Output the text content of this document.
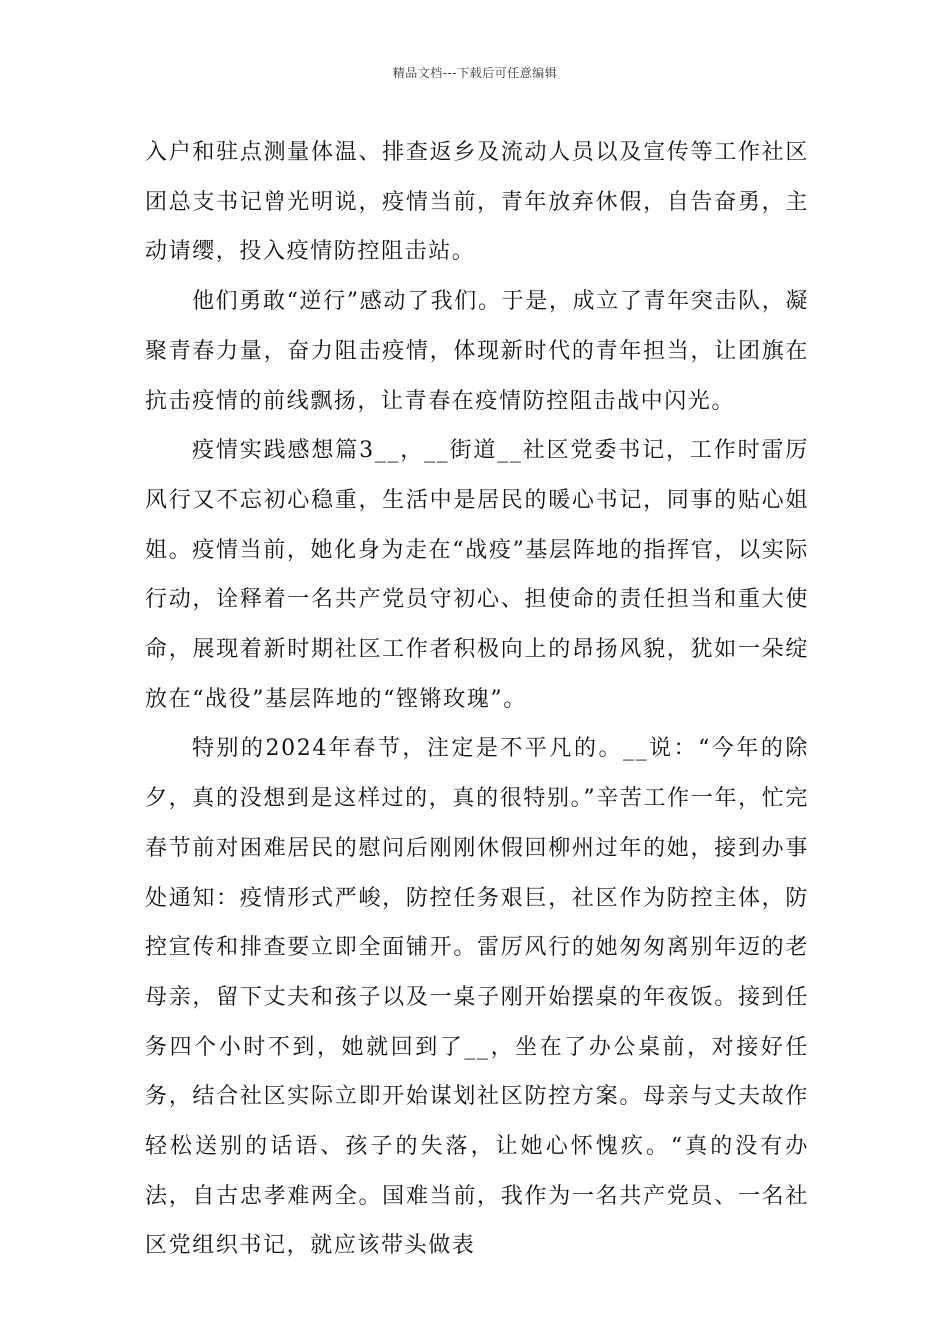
精品文档---下载后可任意编辑

入户和驻点测量体温、排查返乡及流动人员以及宣传等工作社区团总支书记曾光明说，疫情当前，青年放弃休假，自告奋勇，主动请缨，投入疫情防控阻击站。

他们勇敢“逆行”感动了我们。于是，成立了青年突击队，凝聚青春力量，奋力阻击疫情，体现新时代的青年担当，让团旗在抗击疫情的前线飘扬，让青春在疫情防控阻击战中闪光。

疫情实践感想篇3__，__街道__社区党委书记，工作时雷厉风行又不忘初心稳重，生活中是居民的暖心书记，同事的贴心姐姐。疫情当前，她化身为走在“战疫”基层阵地的指挥官，以实际行动，诠释着一名共产党员守初心、担使命的责任担当和重大使命，展现着新时期社区工作者积极向上的昂扬风貌，犹如一朵绽放在“战役”基层阵地的“铿锵玫瑰”。

特别的2024年春节，注定是不平凡的。__说：“今年的除夕，真的没想到是这样过的，真的很特别。”辛苦工作一年，忙完春节前对困难居民的慰问后刚刚休假回柳州过年的她，接到办事处通知：疫情形式严峻，防控任务艰巨，社区作为防控主体，防控宣传和排查要立即全面铺开。雷厉风行的她匆匆离别年迈的老母亲，留下丈夫和孩子以及一桌子刚开始摆桌的年夜饭。接到任务四个小时不到，她就回到了__，坐在了办公桌前，对接好任务，结合社区实际立即开始谋划社区防控方案。母亲与丈夫故作轻松送别的话语、孩子的失落，让她心怀愧疚。“真的没有办法，自古忠孝难两全。国难当前，我作为一名共产党员、一名社区党组织书记，就应该带头做表
